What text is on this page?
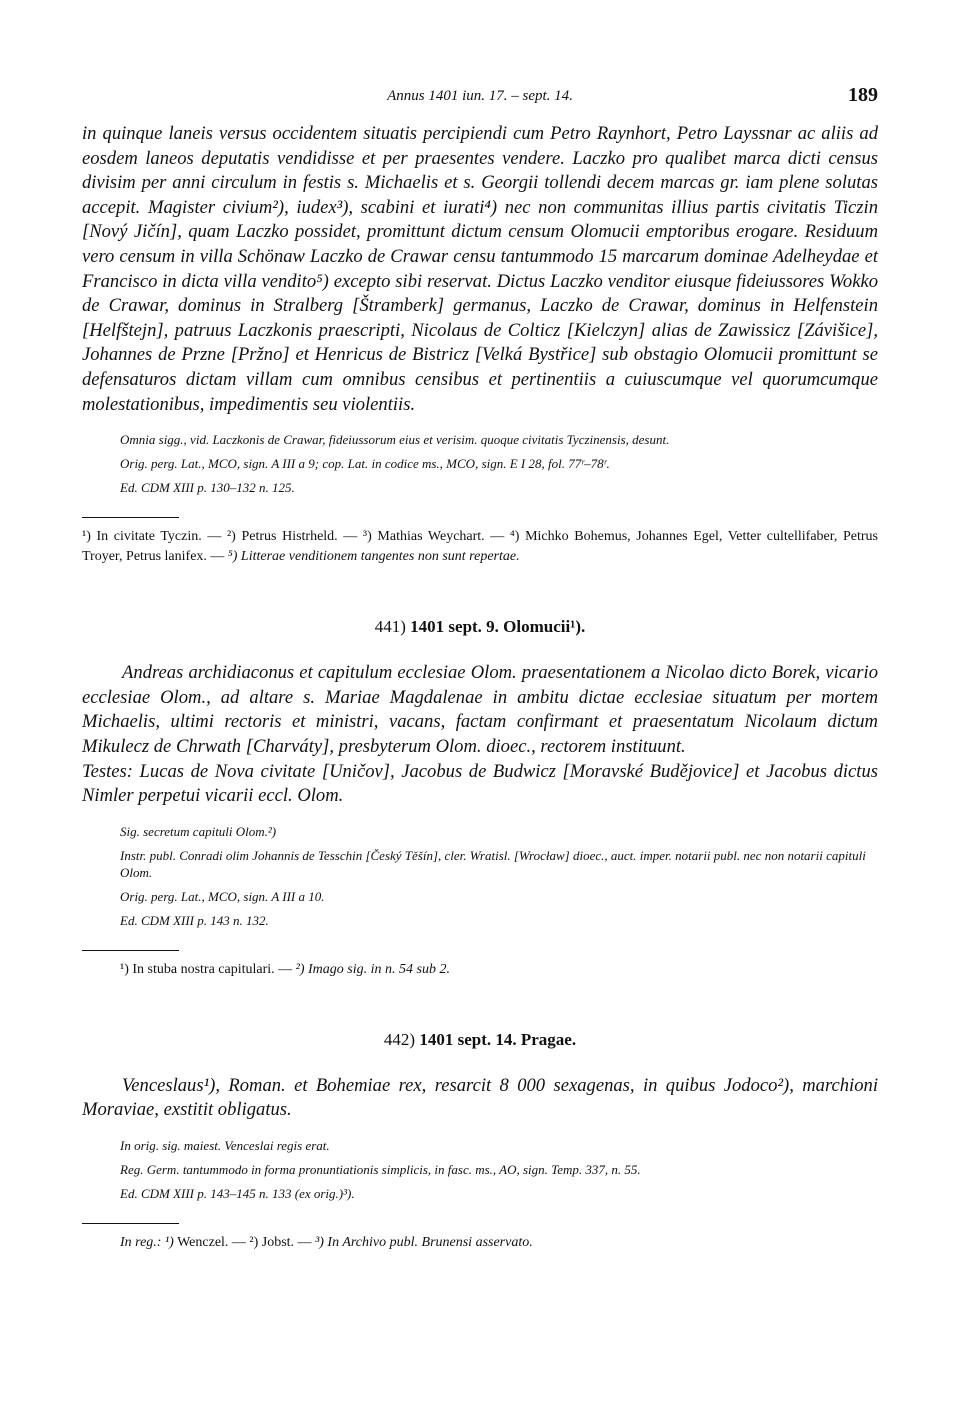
Annus 1401 iun. 17. – sept. 14.	189

in quinque laneis versus occidentem situatis percipiendi cum Petro Raynhort, Petro Layssnar ac aliis ad eosdem laneos deputatis vendidisse et per praesentes vendere. Laczko pro qualibet marca dicti census divisim per anni circulum in festis s. Michaelis et s. Georgii tollendi decem marcas gr. iam plene solutas accepit. Magister civium²), iudex³), scabini et iurati⁴) nec non communitas illius partis civitatis Ticzin [Nový Jičín], quam Laczko possidet, promittunt dictum censum Olomucii emptoribus erogare. Residuum vero censum in villa Schönaw Laczko de Crawar censu tantummodo 15 marcarum dominae Adelheydae et Francisco in dicta villa vendito⁵) excepto sibi reservat. Dictus Laczko venditor eiusque fideiussores Wokko de Crawar, dominus in Stralberg [Štramberk] germanus, Laczko de Crawar, dominus in Helfenstein [Helfštejn], patruus Laczkonis praescripti, Nicolaus de Colticz [Kielczyn] alias de Zawissicz [Závišice], Johannes de Przne [Pržno] et Henricus de Bistricz [Velká Bystřice] sub obstagio Olomucii promittunt se defensaturos dictam villam cum omnibus censibus et pertinentiis a cuiuscumque vel quorumcumque molestationibus, impedimentis seu violentiis.

Omnia sigg., vid. Laczkonis de Crawar, fideiussorum eius et verisim. quoque civitatis Tyczinensis, desunt.

Orig. perg. Lat., MCO, sign. A III a 9; cop. Lat. in codice ms., MCO, sign. E I 28, fol. 77ʳ–78ʳ.

Ed. CDM XIII p. 130–132 n. 125.

¹) In civitate Tyczin. — ²) Petrus Histrheld. — ³) Mathias Weychart. — ⁴) Michko Bohemus, Johannes Egel, Vetter cultellifaber, Petrus Troyer, Petrus lanifex. — ⁵) Litterae venditionem tangentes non sunt repertae.

441) 1401 sept. 9. Olomucii¹).

Andreas archidiaconus et capitulum ecclesiae Olom. praesentationem a Nicolao dicto Borek, vicario ecclesiae Olom., ad altare s. Mariae Magdalenae in ambitu dictae ecclesiae situatum per mortem Michaelis, ultimi rectoris et ministri, vacans, factam confirmant et praesentatum Nicolaum dictum Mikulecz de Chrwath [Charváty], presbyterum Olom. dioec., rectorem instituunt.

Testes: Lucas de Nova civitate [Uničov], Jacobus de Budwicz [Moravské Budějovice] et Jacobus dictus Nimler perpetui vicarii eccl. Olom.

Sig. secretum capituli Olom.²)

Instr. publ. Conradi olim Johannis de Tesschin [Český Těšín], cler. Wratisl. [Wrocław] dioec., auct. imper. notarii publ. nec non notarii capituli Olom.

Orig. perg. Lat., MCO, sign. A III a 10.

Ed. CDM XIII p. 143 n. 132.

¹) In stuba nostra capitulari. — ²) Imago sig. in n. 54 sub 2.

442) 1401 sept. 14. Pragae.

Venceslaus¹), Roman. et Bohemiae rex, resarcit 8 000 sexagenas, in quibus Jodoco²), marchioni Moraviae, exstitit obligatus.

In orig. sig. maiest. Venceslai regis erat.

Reg. Germ. tantummodo in forma pronuntiationis simplicis, in fasc. ms., AO, sign. Temp. 337, n. 55.

Ed. CDM XIII p. 143–145 n. 133 (ex orig.)³).

In reg.: ¹) Wenczel. — ²) Jobst. — ³) In Archivo publ. Brunensi asservato.
